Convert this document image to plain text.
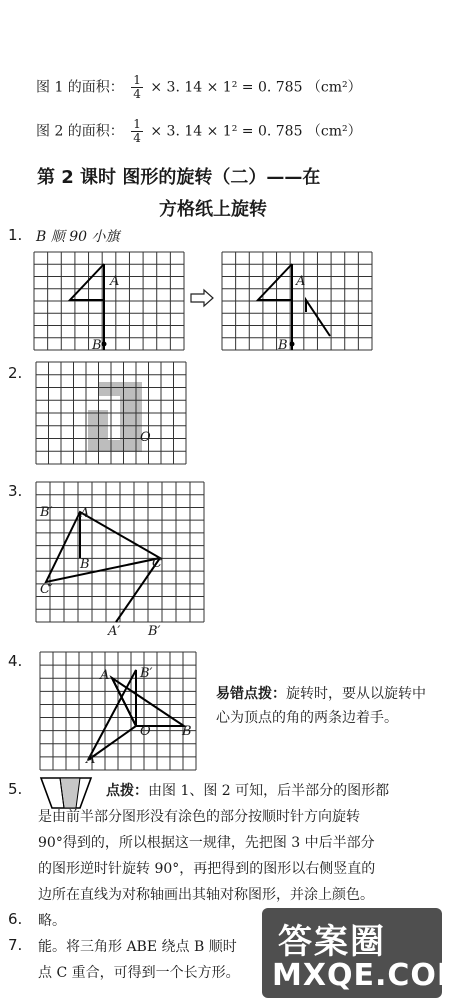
图 1 的面积： $\frac{1}{4} \times 3$. 14 × 1² = 0. 785 （cm²）
图 2 的面积： $\frac{1}{4} \times 3$. 14 × 1² = 0. 785 （cm²）
第 2 课时 图形的旋转（二）——在
方格纸上旋转
1. B 顺 90 小旗
A
B
A
B
2.
O
3.
B′ A
B	C
C′
A′ B′
4.
A B′
O B
A′
易错点拨：旋转时，要从以旋转中心为顶点的角的两条边着手。
5.	点拨：由图 1、图 2 可知，后半部分的图形都
是由前半部分图形没有涂色的部分按顺时针方向旋转
90°得到的，所以根据这一规律，先把图 3 中后半部分
的图形逆时针旋转 90°，再把得到的图形以右侧竖直的
边所在直线为对称轴画出其轴对称图形，并涂上颜色。
6. 略。
7. 能。将三角形 ABE 绕点 B 顺时
点 C 重合，可得到一个长方形。
答案圈
MXQE.COM
